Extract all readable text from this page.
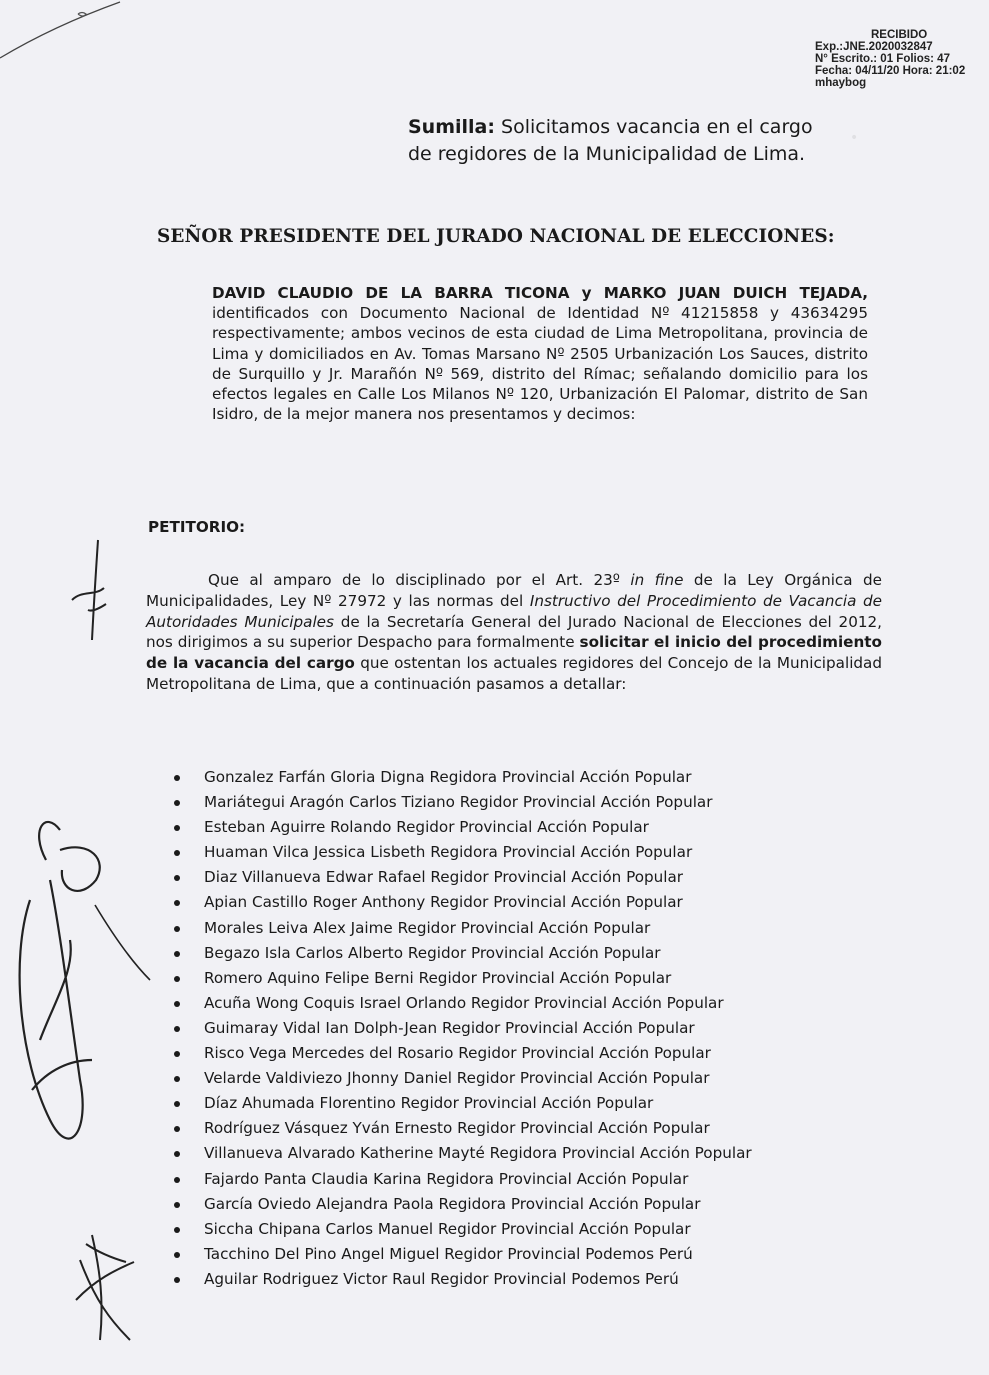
RECIBIDO
Exp.:JNE.2020032847
N° Escrito.: 01 Folios: 47
Fecha: 04/11/20 Hora: 21:02
mhaybog
Sumilla: Solicitamos vacancia en el cargo
de regidores de la Municipalidad de Lima.
SEÑOR PRESIDENTE DEL JURADO NACIONAL DE ELECCIONES:
DAVID CLAUDIO DE LA BARRA TICONA y MARKO JUAN DUICH TEJADA, identificados con Documento Nacional de Identidad Nº 41215858 y 43634295 respectivamente; ambos vecinos de esta ciudad de Lima Metropolitana, provincia de Lima y domiciliados en Av. Tomas Marsano Nº 2505 Urbanización Los Sauces, distrito de Surquillo y Jr. Marañón Nº 569, distrito del Rímac; señalando domicilio para los efectos legales en Calle Los Milanos Nº 120, Urbanización El Palomar, distrito de San Isidro, de la mejor manera nos presentamos y decimos:
PETITORIO:
Que al amparo de lo disciplinado por el Art. 23º in fine de la Ley Orgánica de Municipalidades, Ley Nº 27972 y las normas del Instructivo del Procedimiento de Vacancia de Autoridades Municipales de la Secretaría General del Jurado Nacional de Elecciones del 2012, nos dirigimos a su superior Despacho para formalmente solicitar el inicio del procedimiento de la vacancia del cargo que ostentan los actuales regidores del Concejo de la Municipalidad Metropolitana de Lima, que a continuación pasamos a detallar:
Gonzalez Farfán Gloria Digna Regidora Provincial Acción Popular
Mariátegui Aragón Carlos Tiziano Regidor Provincial Acción Popular
Esteban Aguirre Rolando Regidor Provincial Acción Popular
Huaman Vilca Jessica Lisbeth Regidora Provincial Acción Popular
Diaz Villanueva Edwar Rafael Regidor Provincial Acción Popular
Apian Castillo Roger Anthony Regidor Provincial Acción Popular
Morales Leiva Alex Jaime Regidor Provincial Acción Popular
Begazo Isla Carlos Alberto Regidor Provincial Acción Popular
Romero Aquino Felipe Berni Regidor Provincial Acción Popular
Acuña Wong Coquis Israel Orlando Regidor Provincial Acción Popular
Guimaray Vidal Ian Dolph-Jean Regidor Provincial Acción Popular
Risco Vega Mercedes del Rosario Regidor Provincial Acción Popular
Velarde Valdiviezo Jhonny Daniel Regidor Provincial Acción Popular
Díaz Ahumada Florentino Regidor Provincial Acción Popular
Rodríguez Vásquez Yván Ernesto Regidor Provincial Acción Popular
Villanueva Alvarado Katherine Mayté Regidora Provincial Acción Popular
Fajardo Panta Claudia Karina Regidora Provincial Acción Popular
García Oviedo Alejandra Paola Regidora Provincial Acción Popular
Siccha Chipana Carlos Manuel Regidor Provincial Acción Popular
Tacchino Del Pino Angel Miguel Regidor Provincial Podemos Perú
Aguilar Rodriguez Victor Raul Regidor Provincial Podemos Perú
•
